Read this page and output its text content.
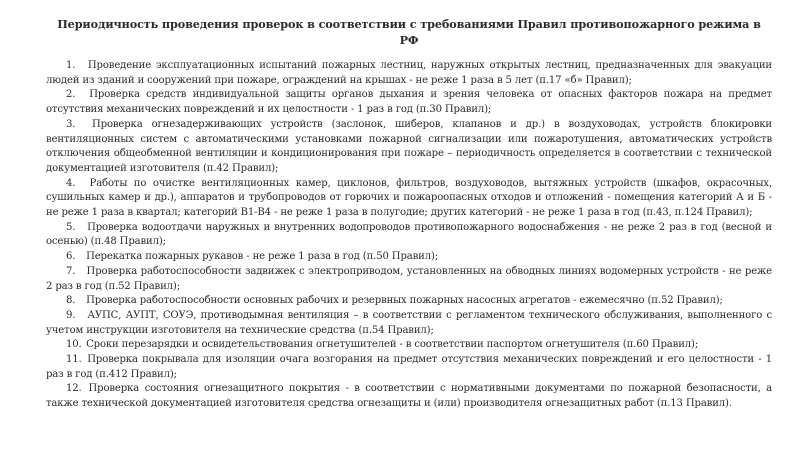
Периодичность проведения проверок в соответствии с требованиями Правил противопожарного режима в РФ
1. Проведение эксплуатационных испытаний пожарных лестниц, наружных открытых лестниц, предназначенных для эвакуации людей из зданий и сооружений при пожаре, ограждений на крышах - не реже 1 раза в 5 лет (п.17 «б» Правил);
2. Проверка средств индивидуальной защиты органов дыхания и зрения человека от опасных факторов пожара на предмет отсутствия механических повреждений и их целостности - 1 раз в год (п.30 Правил);
3. Проверка огнезадерживающих устройств (заслонок, шиберов, клапанов и др.) в воздуховодах, устройств блокировки вентиляционных систем с автоматическими установками пожарной сигнализации или пожаротушения, автоматических устройств отключения общеобменной вентиляции и кондиционирования при пожаре – периодичность определяется в соответствии с технической документацией изготовителя (п.42 Правил);
4. Работы по очистке вентиляционных камер, циклонов, фильтров, воздуховодов, вытяжных устройств (шкафов, окрасочных, сушильных камер и др.), аппаратов и трубопроводов от горючих и пожароопасных отходов и отложений - помещения категорий А и Б - не реже 1 раза в квартал; категорий В1-В4 - не реже 1 раза в полугодие; других категорий - не реже 1 раза в год (п.43, п.124 Правил);
5. Проверка водоотдачи наружных и внутренних водопроводов противопожарного водоснабжения - не реже 2 раз в год (весной и осенью) (п.48 Правил);
6. Перекатка пожарных рукавов - не реже 1 раза в год (п.50 Правил);
7. Проверка работоспособности задвижек с электроприводом, установленных на обводных линиях водомерных устройств - не реже 2 раз в год (п.52 Правил);
8. Проверка работоспособности основных рабочих и резервных пожарных насосных агрегатов - ежемесячно (п.52 Правил);
9. АУПС, АУПТ, СОУЭ, противодымная вентиляция – в соответствии с регламентом технического обслуживания, выполненного с учетом инструкции изготовителя на технические средства (п.54 Правил);
10. Сроки перезарядки и освидетельствования огнетушителей - в соответствии паспортом огнетушителя (п.60 Правил);
11. Проверка покрывала для изоляции очага возгорания на предмет отсутствия механических повреждений и его целостности - 1 раз в год (п.412 Правил);
12. Проверка состояния огнезащитного покрытия - в соответствии с нормативными документами по пожарной безопасности, а также технической документацией изготовителя средства огнезащиты и (или) производителя огнезащитных работ (п.13 Правил).
